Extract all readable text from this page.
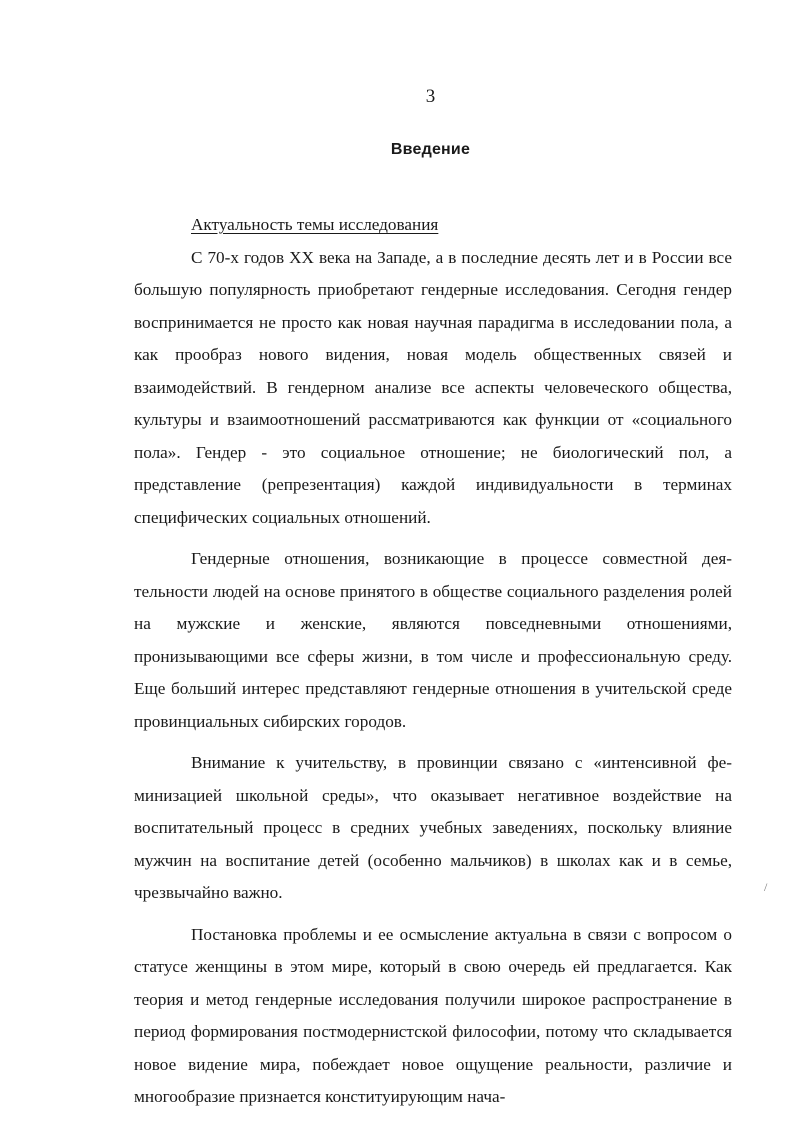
3
Введение

Актуальность темы исследования

С 70-х годов XX века на Западе, а в последние десять лет и в России все большую популярность приобретают гендерные исследования. Сегодня гендер воспринимается не просто как новая научная парадигма в исследовании пола, а как прообраз нового видения, новая модель общественных связей и взаимодействий. В гендерном анализе все аспекты человеческого общества, культуры и взаимоотношений рассматриваются как функции от «социального пола». Гендер - это социальное отношение; не биологический пол, а представление (репрезентация) каждой индивидуальности в терминах специфических социальных отношений.

Гендерные отношения, возникающие в процессе совместной деятельности людей на основе принятого в обществе социального разделения ролей на мужские и женские, являются повседневными отношениями, пронизывающими все сферы жизни, в том числе и профессиональную среду. Еще больший интерес представляют гендерные отношения в учительской среде провинциальных сибирских городов.

Внимание к учительству, в провинции связано с «интенсивной феминизацией школьной среды», что оказывает негативное воздействие на воспитательный процесс в средних учебных заведениях, поскольку влияние мужчин на воспитание детей (особенно мальчиков) в школах как и в семье, чрезвычайно важно.

Постановка проблемы и ее осмысление актуальна в связи с вопросом о статусе женщины в этом мире, который в свою очередь ей предлагается. Как теория и метод гендерные исследования получили широкое распространение в период формирования постмодернистской философии, потому что складывается новое видение мира, побеждает новое ощущение реальности, различие и многообразие признается конституирующим нача-

/
